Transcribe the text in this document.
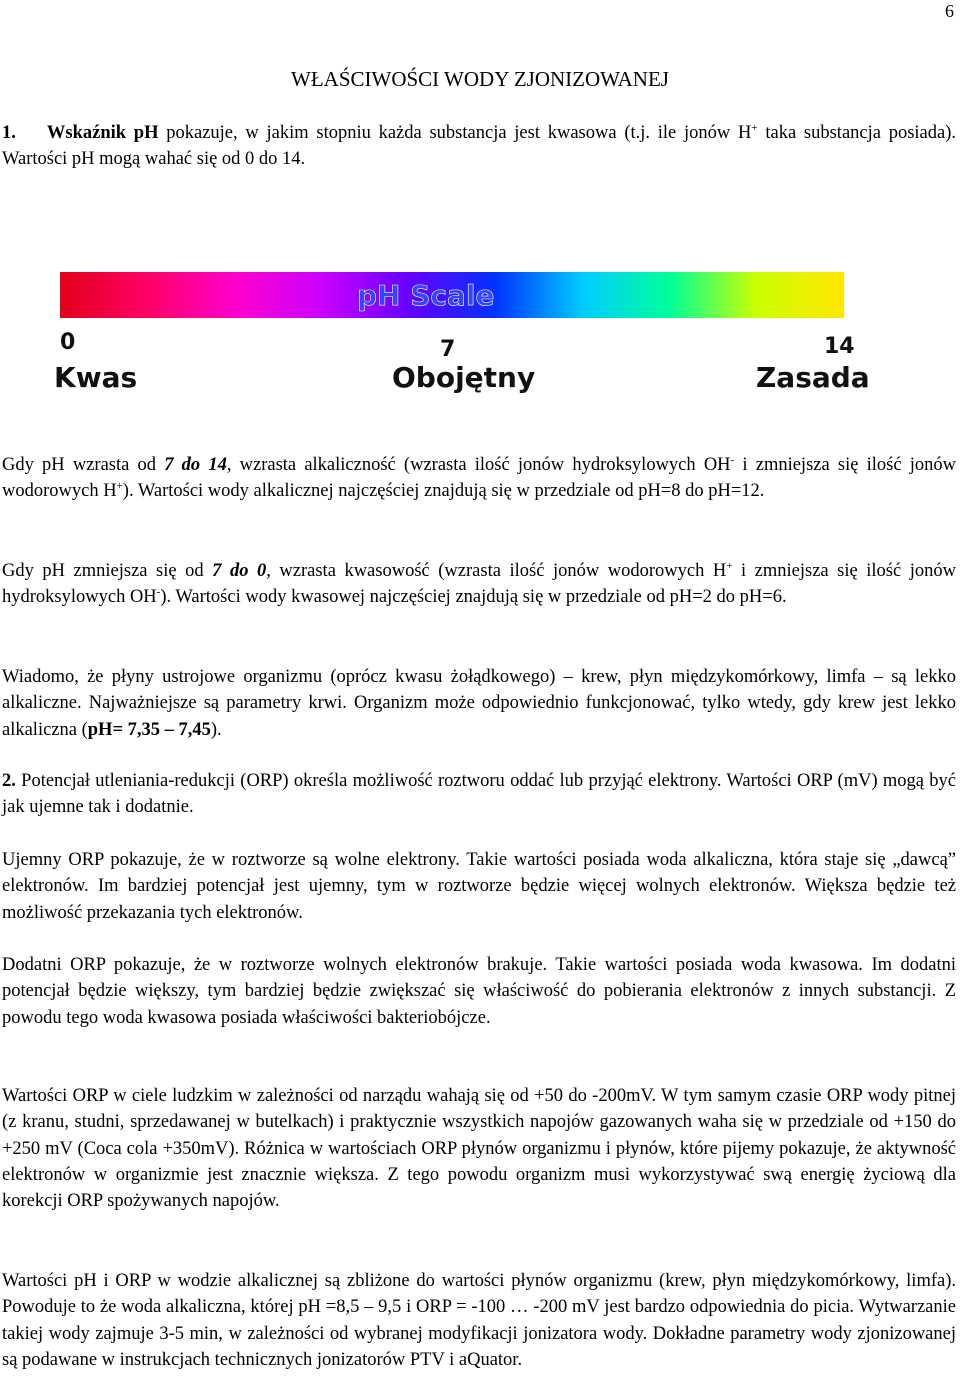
6
WŁAŚCIWOŚCI WODY ZJONIZOWANEJ

1. Wskaźnik pH pokazuje, w jakim stopniu każda substancja jest kwasowa (t.j. ile jonów H+ taka substancja posiada). Wartości pH mogą wahać się od 0 do 14.

pH Scale
0	7	14
Kwas	Obojętny	Zasada

Gdy pH wzrasta od 7 do 14, wzrasta alkaliczność (wzrasta ilość jonów hydroksylowych OH- i zmniejsza się ilość jonów wodorowych H+). Wartości wody alkalicznej najczęściej znajdują się w przedziale od pH=8 do pH=12.

Gdy pH zmniejsza się od 7 do 0, wzrasta kwasowość (wzrasta ilość jonów wodorowych H+ i zmniejsza się ilość jonów hydroksylowych OH-). Wartości wody kwasowej najczęściej znajdują się w przedziale od pH=2 do pH=6.

Wiadomo, że płyny ustrojowe organizmu (oprócz kwasu żołądkowego) – krew, płyn międzykomórkowy, limfa – są lekko alkaliczne. Najważniejsze są parametry krwi. Organizm może odpowiednio funkcjonować, tylko wtedy, gdy krew jest lekko alkaliczna (pH= 7,35 – 7,45).

2. Potencjał utleniania-redukcji (ORP) określa możliwość roztworu oddać lub przyjąć elektrony. Wartości ORP (mV) mogą być jak ujemne tak i dodatnie.

Ujemny ORP pokazuje, że w roztworze są wolne elektrony. Takie wartości posiada woda alkaliczna, która staje się „dawcą” elektronów. Im bardziej potencjał jest ujemny, tym w roztworze będzie więcej wolnych elektronów. Większa będzie też możliwość przekazania tych elektronów.

Dodatni ORP pokazuje, że w roztworze wolnych elektronów brakuje. Takie wartości posiada woda kwasowa. Im dodatni potencjał będzie większy, tym bardziej będzie zwiększać się właściwość do pobierania elektronów z innych substancji. Z powodu tego woda kwasowa posiada właściwości bakteriobójcze.

Wartości ORP w ciele ludzkim w zależności od narządu wahają się od +50 do -200mV. W tym samym czasie ORP wody pitnej (z kranu, studni, sprzedawanej w butelkach) i praktycznie wszystkich napojów gazowanych waha się w przedziale od +150 do +250 mV (Coca cola +350mV). Różnica w wartościach ORP płynów organizmu i płynów, które pijemy pokazuje, że aktywność elektronów w organizmie jest znacznie większa. Z tego powodu organizm musi wykorzystywać swą energię życiową dla korekcji ORP spożywanych napojów.

Wartości pH i ORP w wodzie alkalicznej są zbliżone do wartości płynów organizmu (krew, płyn międzykomórkowy, limfa). Powoduje to że woda alkaliczna, której pH =8,5 – 9,5 i ORP = -100 … -200 mV jest bardzo odpowiednia do picia. Wytwarzanie takiej wody zajmuje 3-5 min, w zależności od wybranej modyfikacji jonizatora wody. Dokładne parametry wody zjonizowanej są podawane w instrukcjach technicznych jonizatorów PTV i aQuator.
